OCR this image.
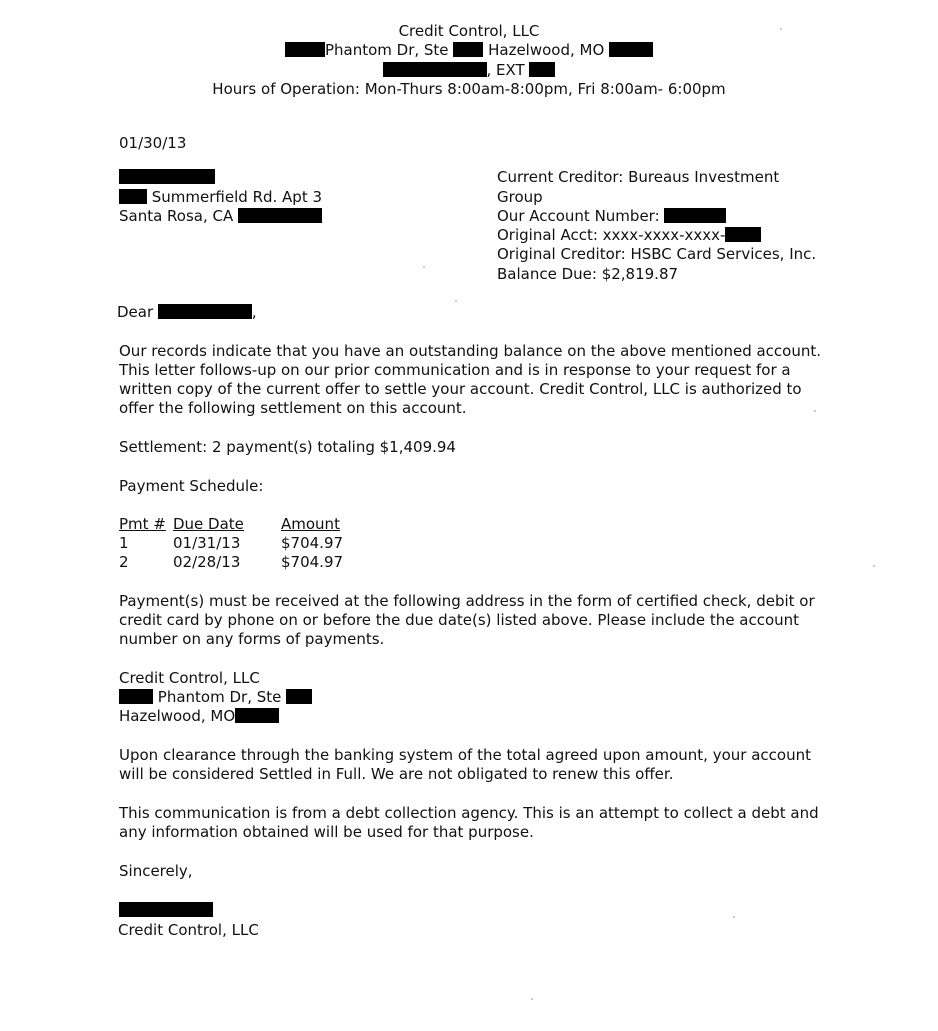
Credit Control, LLC
Phantom Dr, Ste	Hazelwood, MO
, EXT
Hours of Operation: Mon-Thurs 8:00am-8:00pm, Fri 8:00am- 6:00pm
01/30/13
Summerfield Rd. Apt 3
Santa Rosa, CA
Current Creditor: Bureaus Investment
Group
Our Account Number:
Original Acct: xxxx-xxxx-xxxx-
Original Creditor: HSBC Card Services, Inc.
Balance Due: $2,819.87
Dear	,
Our records indicate that you have an outstanding balance on the above mentioned account.
This letter follows-up on our prior communication and is in response to your request for a
written copy of the current offer to settle your account. Credit Control, LLC is authorized to
offer the following settlement on this account.
Settlement: 2 payment(s) totaling $1,409.94
Payment Schedule:
Pmt # Due Date Amount
1	01/31/13	$704.97
2	02/28/13	$704.97
Payment(s) must be received at the following address in the form of certified check, debit or
credit card by phone on or before the due date(s) listed above. Please include the account
number on any forms of payments.
Credit Control, LLC
Phantom Dr, Ste
Hazelwood, MO
Upon clearance through the banking system of the total agreed upon amount, your account
will be considered Settled in Full. We are not obligated to renew this offer.
This communication is from a debt collection agency. This is an attempt to collect a debt and
any information obtained will be used for that purpose.
Sincerely,
Credit Control, LLC
